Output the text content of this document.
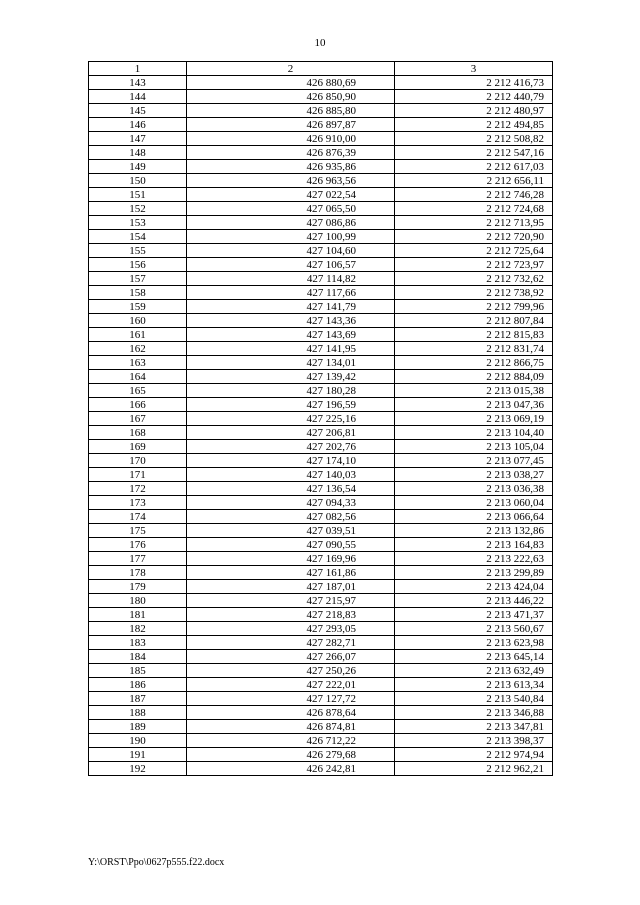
10
1	2	3
143	426 880,69	2 212 416,73
144	426 850,90	2 212 440,79
145	426 885,80	2 212 480,97
146	426 897,87	2 212 494,85
147	426 910,00	2 212 508,82
148	426 876,39	2 212 547,16
149	426 935,86	2 212 617,03
150	426 963,56	2 212 656,11
151	427 022,54	2 212 746,28
152	427 065,50	2 212 724,68
153	427 086,86	2 212 713,95
154	427 100,99	2 212 720,90
155	427 104,60	2 212 725,64
156	427 106,57	2 212 723,97
157	427 114,82	2 212 732,62
158	427 117,66	2 212 738,92
159	427 141,79	2 212 799,96
160	427 143,36	2 212 807,84
161	427 143,69	2 212 815,83
162	427 141,95	2 212 831,74
163	427 134,01	2 212 866,75
164	427 139,42	2 212 884,09
165	427 180,28	2 213 015,38
166	427 196,59	2 213 047,36
167	427 225,16	2 213 069,19
168	427 206,81	2 213 104,40
169	427 202,76	2 213 105,04
170	427 174,10	2 213 077,45
171	427 140,03	2 213 038,27
172	427 136,54	2 213 036,38
173	427 094,33	2 213 060,04
174	427 082,56	2 213 066,64
175	427 039,51	2 213 132,86
176	427 090,55	2 213 164,83
177	427 169,96	2 213 222,63
178	427 161,86	2 213 299,89
179	427 187,01	2 213 424,04
180	427 215,97	2 213 446,22
181	427 218,83	2 213 471,37
182	427 293,05	2 213 560,67
183	427 282,71	2 213 623,98
184	427 266,07	2 213 645,14
185	427 250,26	2 213 632,49
186	427 222,01	2 213 613,34
187	427 127,72	2 213 540,84
188	426 878,64	2 213 346,88
189	426 874,81	2 213 347,81
190	426 712,22	2 213 398,37
191	426 279,68	2 212 974,94
192	426 242,81	2 212 962,21
Y:\ORST\Ppo\0627p555.f22.docx
